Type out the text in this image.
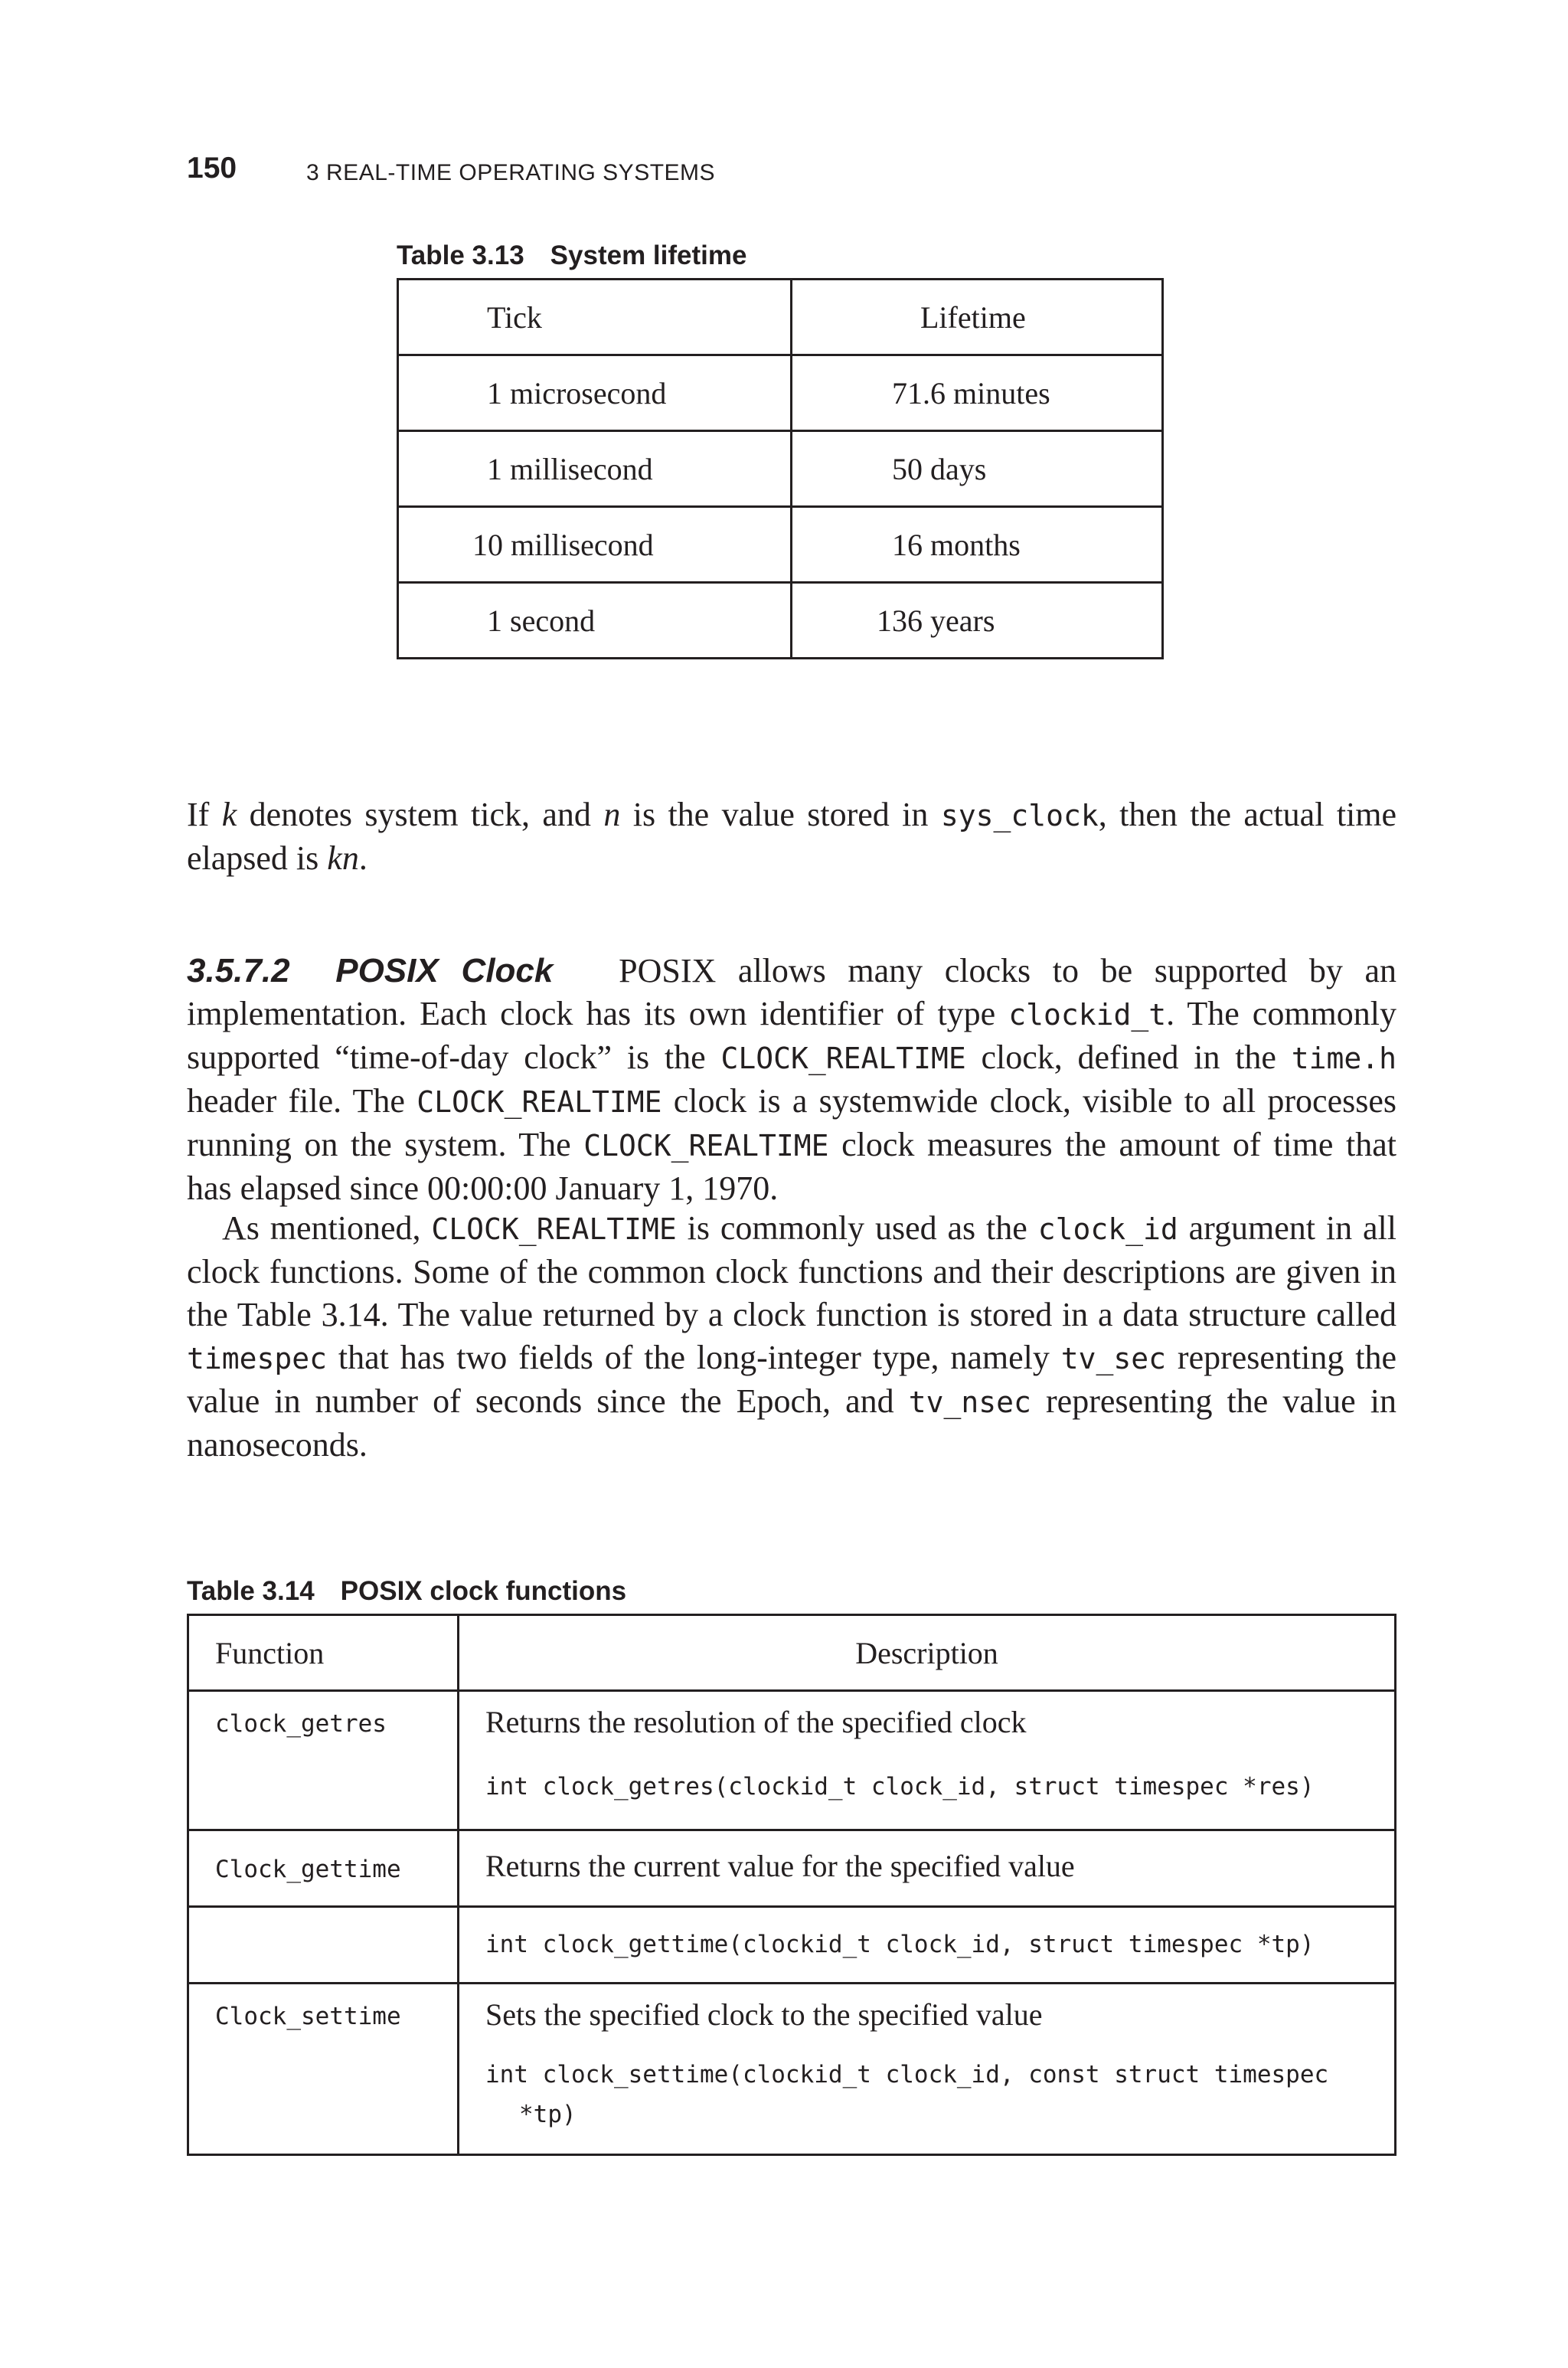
150	3 REAL-TIME OPERATING SYSTEMS
Table 3.13 System lifetime
Tick	Lifetime
1 microsecond	71.6 minutes
1 millisecond	50 days
10 millisecond	16 months
1 second	136 years
If k denotes system tick, and n is the value stored in sys_clock, then the actual time elapsed is kn.
3.5.7.2 POSIX Clock POSIX allows many clocks to be supported by an implementation. Each clock has its own identifier of type clockid_t. The commonly supported “time-of-day clock” is the CLOCK_REALTIME clock, defined in the time.h header file. The CLOCK_REALTIME clock is a systemwide clock, visible to all processes running on the system. The CLOCK_REALTIME clock measures the amount of time that has elapsed since 00:00:00 January 1, 1970.
As mentioned, CLOCK_REALTIME is commonly used as the clock_id argument in all clock functions. Some of the common clock functions and their descriptions are given in the Table 3.14. The value returned by a clock function is stored in a data structure called timespec that has two fields of the long-integer type, namely tv_sec representing the value in number of seconds since the Epoch, and tv_nsec representing the value in nanoseconds.
Table 3.14 POSIX clock functions
Function	Description
clock_getres	Returns the resolution of the specified clock
int clock_getres(clockid_t clock_id, struct timespec *res)

Clock_gettime	Returns the current value for the specified value

	int clock_gettime(clockid_t clock_id, struct timespec *tp)

Clock_settime	Sets the specified clock to the specified value
int clock_settime(clockid_t clock_id, const struct timespec
*tp)
